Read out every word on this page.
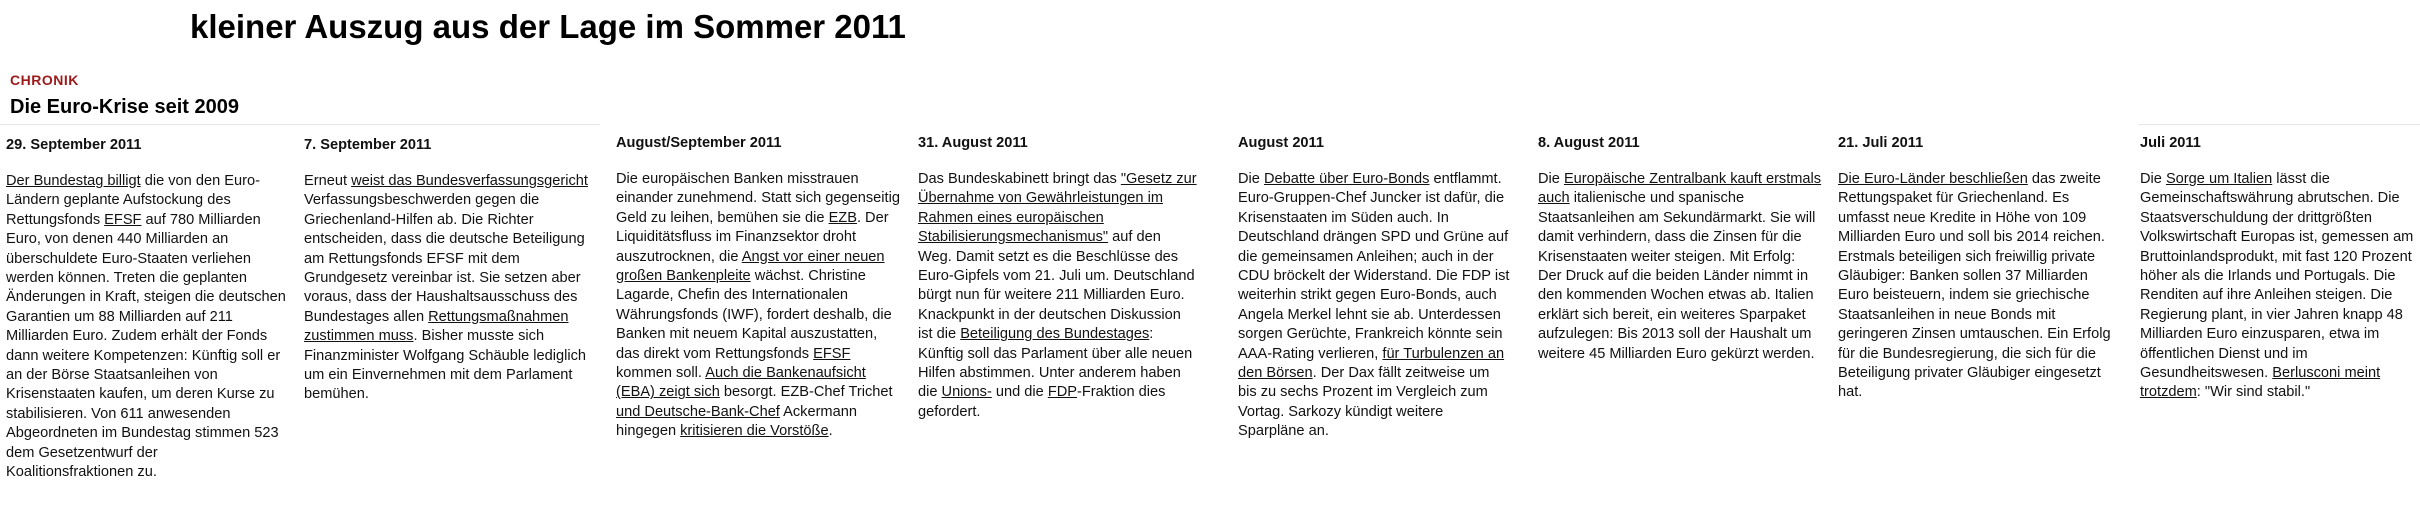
kleiner Auszug aus der Lage im Sommer 2011
CHRONIK
Die Euro-Krise seit 2009
29. September 2011

Der Bundestag billigt die von den Euro-Ländern geplante Aufstockung des Rettungsfonds EFSF auf 780 Milliarden Euro, von denen 440 Milliarden an überschuldete Euro-Staaten verliehen werden können. Treten die geplanten Änderungen in Kraft, steigen die deutschen Garantien um 88 Milliarden auf 211 Milliarden Euro. Zudem erhält der Fonds dann weitere Kompetenzen: Künftig soll er an der Börse Staatsanleihen von Krisenstaaten kaufen, um deren Kurse zu stabilisieren. Von 611 anwesenden Abgeordneten im Bundestag stimmen 523 dem Gesetzentwurf der Koalitionsfraktionen zu.

7. September 2011

Erneut weist das Bundesverfassungsgericht Verfassungsbeschwerden gegen die Griechenland-Hilfen ab. Die Richter entscheiden, dass die deutsche Beteiligung am Rettungsfonds EFSF mit dem Grundgesetz vereinbar ist. Sie setzen aber voraus, dass der Haushaltsausschuss des Bundestages allen Rettungsmaßnahmen zustimmen muss. Bisher musste sich Finanzminister Wolfgang Schäuble lediglich um ein Einvernehmen mit dem Parlament bemühen.

August/September 2011

Die europäischen Banken misstrauen einander zunehmend. Statt sich gegenseitig Geld zu leihen, bemühen sie die EZB. Der Liquiditätsfluss im Finanzsektor droht auszutrocknen, die Angst vor einer neuen großen Bankenpleite wächst. Christine Lagarde, Chefin des Internationalen Währungsfonds (IWF), fordert deshalb, die Banken mit neuem Kapital auszustatten, das direkt vom Rettungsfonds EFSF kommen soll. Auch die Bankenaufsicht (EBA) zeigt sich besorgt. EZB-Chef Trichet und Deutsche-Bank-Chef Ackermann hingegen kritisieren die Vorstöße.

31. August 2011

Das Bundeskabinett bringt das "Gesetz zur Übernahme von Gewährleistungen im Rahmen eines europäischen Stabilisierungsmechanismus" auf den Weg. Damit setzt es die Beschlüsse des Euro-Gipfels vom 21. Juli um. Deutschland bürgt nun für weitere 211 Milliarden Euro. Knackpunkt in der deutschen Diskussion ist die Beteiligung des Bundestages: Künftig soll das Parlament über alle neuen Hilfen abstimmen. Unter anderem haben die Unions- und die FDP-Fraktion dies gefordert.

August 2011

Die Debatte über Euro-Bonds entflammt. Euro-Gruppen-Chef Juncker ist dafür, die Krisenstaaten im Süden auch. In Deutschland drängen SPD und Grüne auf die gemeinsamen Anleihen; auch in der CDU bröckelt der Widerstand. Die FDP ist weiterhin strikt gegen Euro-Bonds, auch Angela Merkel lehnt sie ab. Unterdessen sorgen Gerüchte, Frankreich könnte sein AAA-Rating verlieren, für Turbulenzen an den Börsen. Der Dax fällt zeitweise um bis zu sechs Prozent im Vergleich zum Vortag. Sarkozy kündigt weitere Sparpläne an.

8. August 2011

Die Europäische Zentralbank kauft erstmals auch italienische und spanische Staatsanleihen am Sekundärmarkt. Sie will damit verhindern, dass die Zinsen für die Krisenstaaten weiter steigen. Mit Erfolg: Der Druck auf die beiden Länder nimmt in den kommenden Wochen etwas ab. Italien erklärt sich bereit, ein weiteres Sparpaket aufzulegen: Bis 2013 soll der Haushalt um weitere 45 Milliarden Euro gekürzt werden.

21. Juli 2011

Die Euro-Länder beschließen das zweite Rettungspaket für Griechenland. Es umfasst neue Kredite in Höhe von 109 Milliarden Euro und soll bis 2014 reichen. Erstmals beteiligen sich freiwillig private Gläubiger: Banken sollen 37 Milliarden Euro beisteuern, indem sie griechische Staatsanleihen in neue Bonds mit geringeren Zinsen umtauschen. Ein Erfolg für die Bundesregierung, die sich für die Beteiligung privater Gläubiger eingesetzt hat.

Juli 2011

Die Sorge um Italien lässt die Gemeinschaftswährung abrutschen. Die Staatsverschuldung der drittgrößten Volkswirtschaft Europas ist, gemessen am Bruttoinlandsprodukt, mit fast 120 Prozent höher als die Irlands und Portugals. Die Renditen auf ihre Anleihen steigen. Die Regierung plant, in vier Jahren knapp 48 Milliarden Euro einzusparen, etwa im öffentlichen Dienst und im Gesundheitswesen. Berlusconi meint trotzdem: "Wir sind stabil."
